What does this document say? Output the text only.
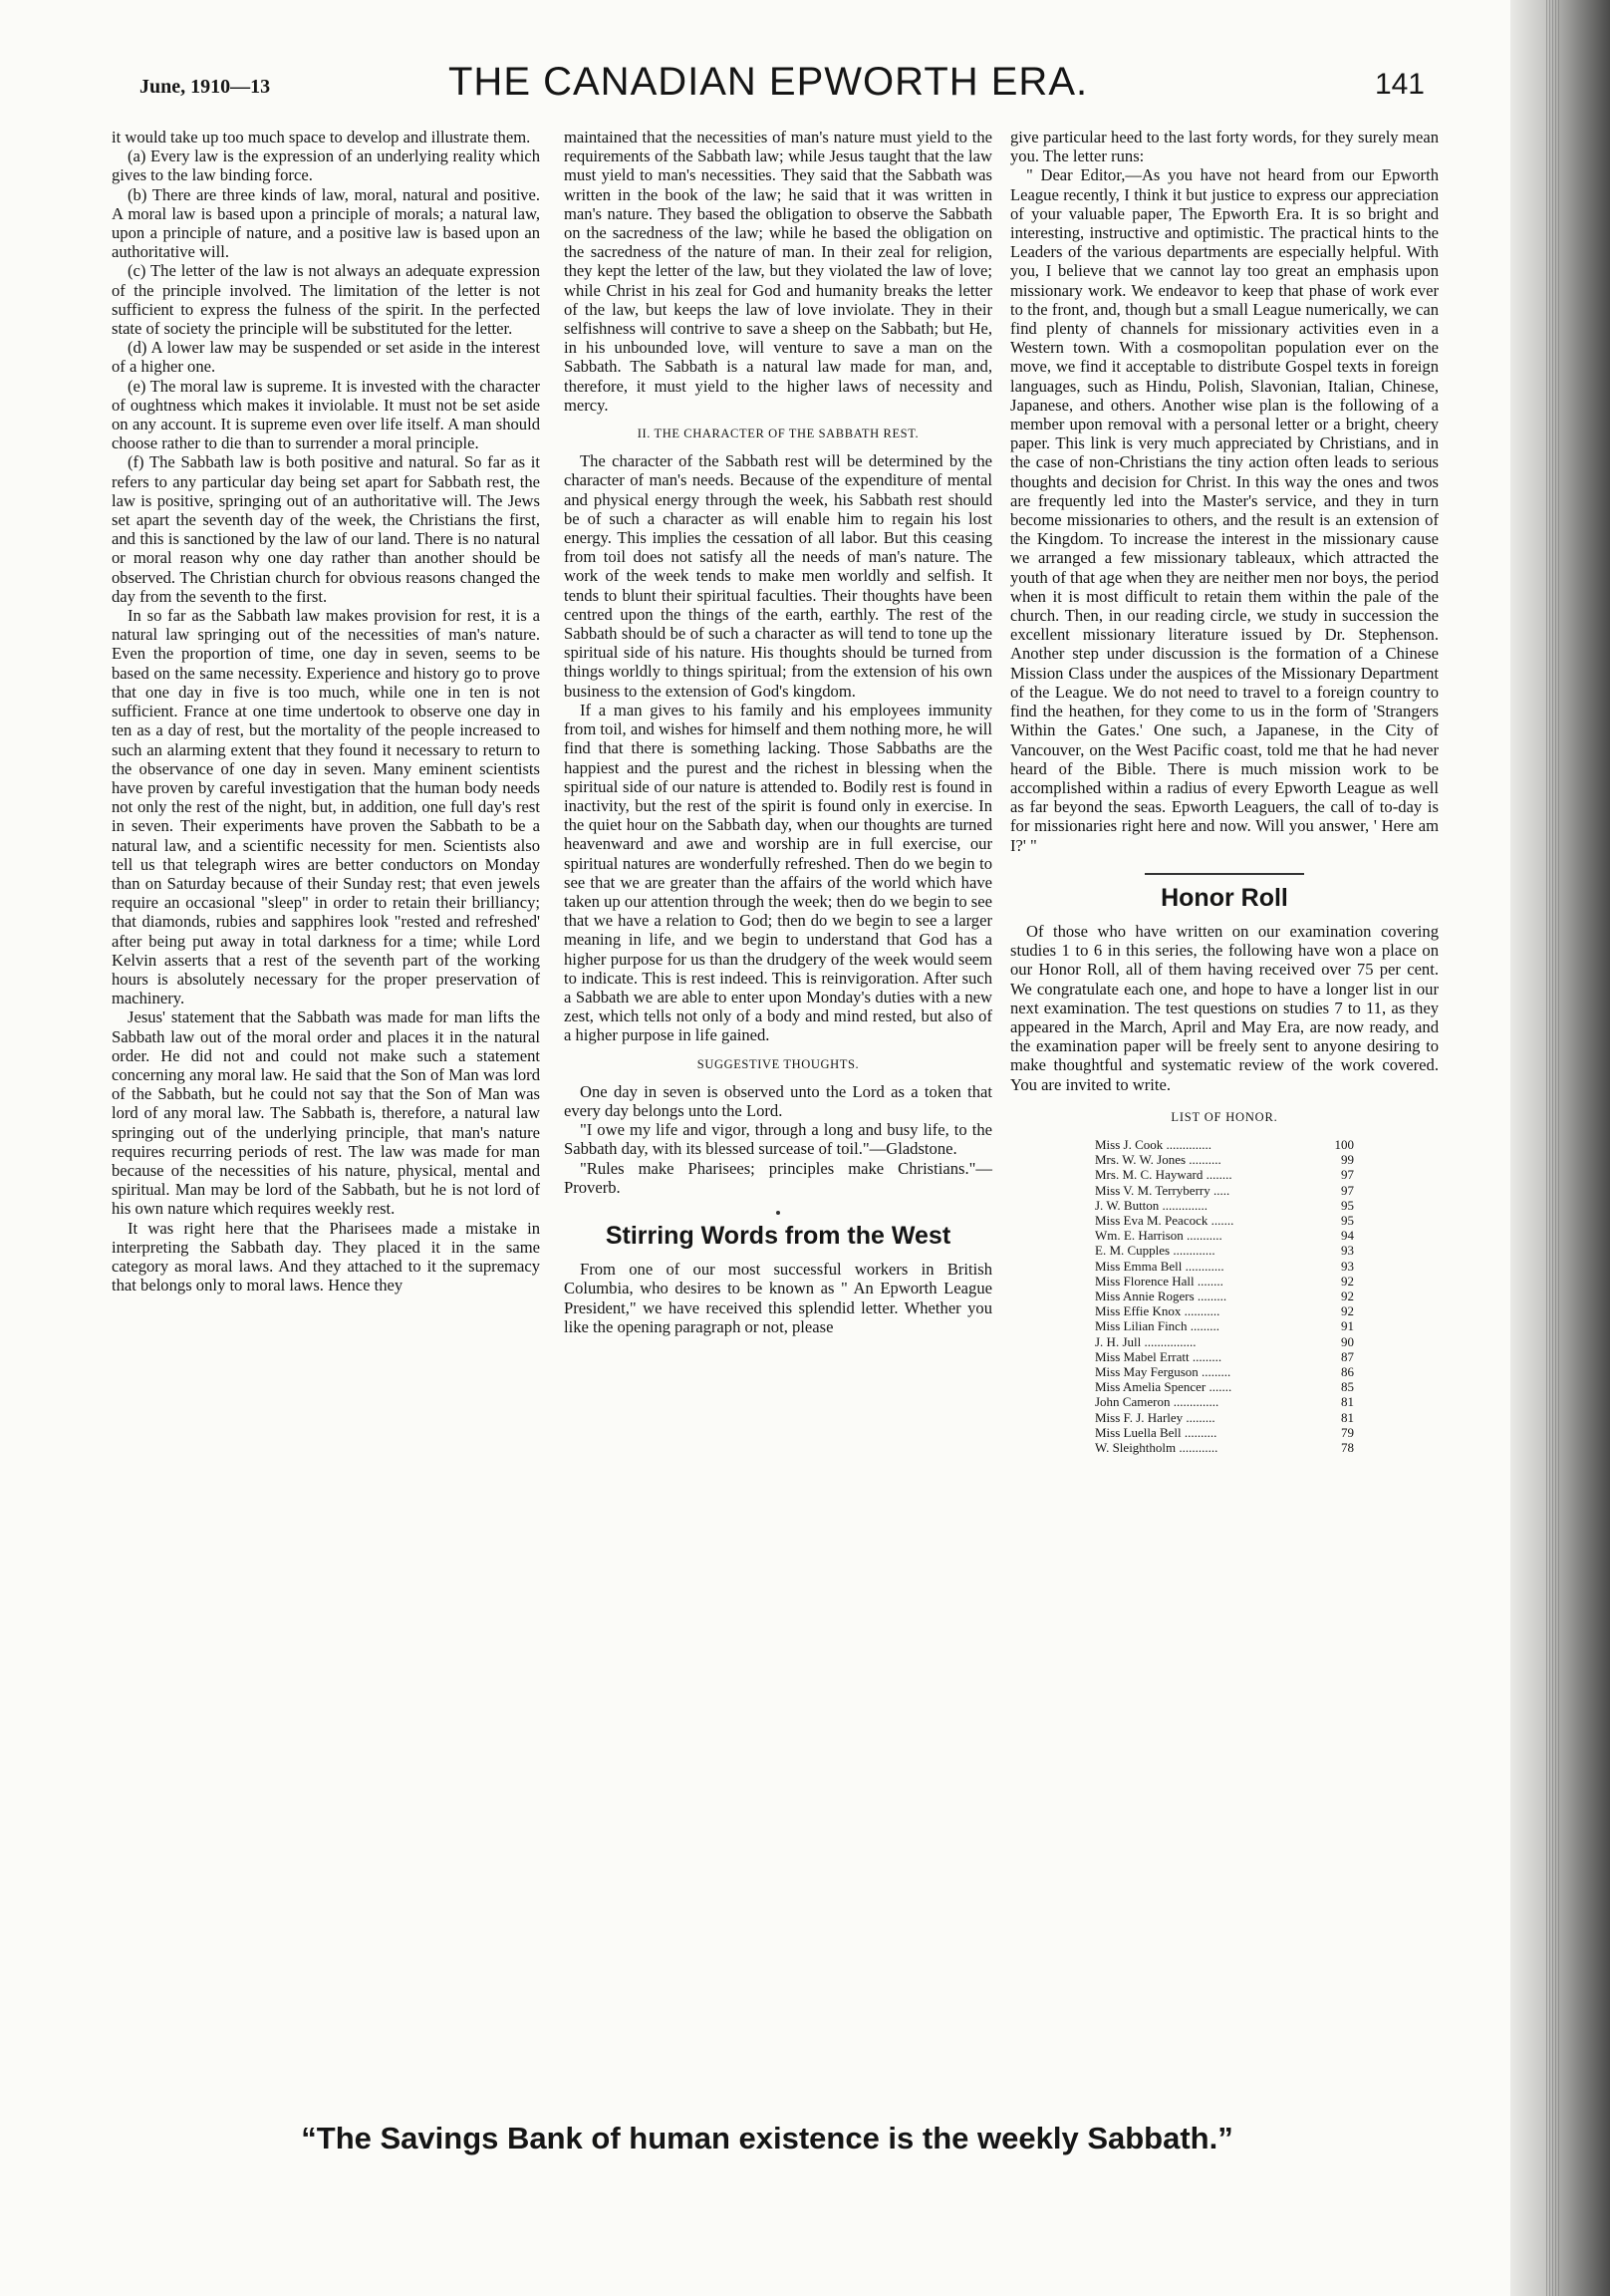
June, 1910—13	THE CANADIAN EPWORTH ERA.	141

it would take up too much space to develop and illustrate them.

(a) Every law is the expression of an underlying reality which gives to the law binding force.

(b) There are three kinds of law, moral, natural and positive. A moral law is based upon a principle of morals; a natural law, upon a principle of nature, and a positive law is based upon an authoritative will.

(c) The letter of the law is not always an adequate expression of the principle involved. The limitation of the letter is not sufficient to express the fulness of the spirit. In the perfected state of society the principle will be substituted for the letter.

(d) A lower law may be suspended or set aside in the interest of a higher one.

(e) The moral law is supreme. It is invested with the character of oughtness which makes it inviolable. It must not be set aside on any account. It is supreme even over life itself. A man should choose rather to die than to surrender a moral principle.

(f) The Sabbath law is both positive and natural. So far as it refers to any particular day being set apart for Sabbath rest, the law is positive, springing out of an authoritative will. The Jews set apart the seventh day of the week, the Christians the first, and this is sanctioned by the law of our land. There is no natural or moral reason why one day rather than another should be observed. The Christian church for obvious reasons changed the day from the seventh to the first.

In so far as the Sabbath law makes provision for rest, it is a natural law springing out of the necessities of man's nature. Even the proportion of time, one day in seven, seems to be based on the same necessity. Experience and history go to prove that one day in five is too much, while one in ten is not sufficient. France at one time undertook to observe one day in ten as a day of rest, but the mortality of the people increased to such an alarming extent that they found it necessary to return to the observance of one day in seven. Many eminent scientists have proven by careful investigation that the human body needs not only the rest of the night, but, in addition, one full day's rest in seven. Their experiments have proven the Sabbath to be a natural law, and a scientific necessity for men. Scientists also tell us that telegraph wires are better conductors on Monday than on Saturday because of their Sunday rest; that even jewels require an occasional "sleep" in order to retain their brilliancy; that diamonds, rubies and sapphires look "rested and refreshed' after being put away in total darkness for a time; while Lord Kelvin asserts that a rest of the seventh part of the working hours is absolutely necessary for the proper preservation of machinery.

Jesus' statement that the Sabbath was made for man lifts the Sabbath law out of the moral order and places it in the natural order. He did not and could not make such a statement concerning any moral law. He said that the Son of Man was lord of the Sabbath, but he could not say that the Son of Man was lord of any moral law. The Sabbath is, therefore, a natural law springing out of the underlying principle, that man's nature requires recurring periods of rest. The law was made for man because of the necessities of his nature, physical, mental and spiritual. Man may be lord of the Sabbath, but he is not lord of his own nature which requires weekly rest.

It was right here that the Pharisees made a mistake in interpreting the Sabbath day. They placed it in the same category as moral laws. And they attached to it the supremacy that belongs only to moral laws. Hence they

maintained that the necessities of man's nature must yield to the requirements of the Sabbath law; while Jesus taught that the law must yield to man's necessities. They said that the Sabbath was written in the book of the law; he said that it was written in man's nature. They based the obligation to observe the Sabbath on the sacredness of the law; while he based the obligation on the sacredness of the nature of man. In their zeal for religion, they kept the letter of the law, but they violated the law of love; while Christ in his zeal for God and humanity breaks the letter of the law, but keeps the law of love inviolate. They in their selfishness will contrive to save a sheep on the Sabbath; but He, in his unbounded love, will venture to save a man on the Sabbath. The Sabbath is a natural law made for man, and, therefore, it must yield to the higher laws of necessity and mercy.

II. THE CHARACTER OF THE SABBATH REST.

The character of the Sabbath rest will be determined by the character of man's needs. Because of the expenditure of mental and physical energy through the week, his Sabbath rest should be of such a character as will enable him to regain his lost energy. This implies the cessation of all labor. But this ceasing from toil does not satisfy all the needs of man's nature. The work of the week tends to make men worldly and selfish. It tends to blunt their spiritual faculties. Their thoughts have been centred upon the things of the earth, earthly. The rest of the Sabbath should be of such a character as will tend to tone up the spiritual side of his nature. His thoughts should be turned from things worldly to things spiritual; from the extension of his own business to the extension of God's kingdom.

If a man gives to his family and his employees immunity from toil, and wishes for himself and them nothing more, he will find that there is something lacking. Those Sabbaths are the happiest and the purest and the richest in blessing when the spiritual side of our nature is attended to. Bodily rest is found in inactivity, but the rest of the spirit is found only in exercise. In the quiet hour on the Sabbath day, when our thoughts are turned heavenward and awe and worship are in full exercise, our spiritual natures are wonderfully refreshed. Then do we begin to see that we are greater than the affairs of the world which have taken up our attention through the week; then do we begin to see that we have a relation to God; then do we begin to see a larger meaning in life, and we begin to understand that God has a higher purpose for us than the drudgery of the week would seem to indicate. This is rest indeed. This is reinvigoration. After such a Sabbath we are able to enter upon Monday's duties with a new zest, which tells not only of a body and mind rested, but also of a higher purpose in life gained.

SUGGESTIVE THOUGHTS.

One day in seven is observed unto the Lord as a token that every day belongs unto the Lord.

"I owe my life and vigor, through a long and busy life, to the Sabbath day, with its blessed surcease of toil."—Gladstone.

"Rules make Pharisees; principles make Christians."—Proverb.

Stirring Words from the West

From one of our most successful workers in British Columbia, who desires to be known as " An Epworth League President," we have received this splendid letter. Whether you like the opening paragraph or not, please

give particular heed to the last forty words, for they surely mean you. The letter runs:

" Dear Editor,—As you have not heard from our Epworth League recently, I think it but justice to express our appreciation of your valuable paper, The Epworth Era. It is so bright and interesting, instructive and optimistic. The practical hints to the Leaders of the various departments are especially helpful. With you, I believe that we cannot lay too great an emphasis upon missionary work. We endeavor to keep that phase of work ever to the front, and, though but a small League numerically, we can find plenty of channels for missionary activities even in a Western town. With a cosmopolitan population ever on the move, we find it acceptable to distribute Gospel texts in foreign languages, such as Hindu, Polish, Slavonian, Italian, Chinese, Japanese, and others. Another wise plan is the following of a member upon removal with a personal letter or a bright, cheery paper. This link is very much appreciated by Christians, and in the case of non-Christians the tiny action often leads to serious thoughts and decision for Christ. In this way the ones and twos are frequently led into the Master's service, and they in turn become missionaries to others, and the result is an extension of the Kingdom. To increase the interest in the missionary cause we arranged a few missionary tableaux, which attracted the youth of that age when they are neither men nor boys, the period when it is most difficult to retain them within the pale of the church. Then, in our reading circle, we study in succession the excellent missionary literature issued by Dr. Stephenson. Another step under discussion is the formation of a Chinese Mission Class under the auspices of the Missionary Department of the League. We do not need to travel to a foreign country to find the heathen, for they come to us in the form of 'Strangers Within the Gates.' One such, a Japanese, in the City of Vancouver, on the West Pacific coast, told me that he had never heard of the Bible. There is much mission work to be accomplished within a radius of every Epworth League as well as far beyond the seas. Epworth Leaguers, the call of to-day is for missionaries right here and now. Will you answer, ' Here am I?' "

Honor Roll

Of those who have written on our examination covering studies 1 to 6 in this series, the following have won a place on our Honor Roll, all of them having received over 75 per cent. We congratulate each one, and hope to have a longer list in our next examination. The test questions on studies 7 to 11, as they appeared in the March, April and May Era, are now ready, and the examination paper will be freely sent to anyone desiring to make thoughtful and systematic review of the work covered. You are invited to write.

LIST OF HONOR.
Miss J. Cook ..............	100
Mrs. W. W. Jones ..........	99
Mrs. M. C. Hayward ........	97
Miss V. M. Terryberry .....	97
J. W. Button ..............	95
Miss Eva M. Peacock .......	95
Wm. E. Harrison ...........	94
E. M. Cupples .............	93
Miss Emma Bell ............	93
Miss Florence Hall ........	92
Miss Annie Rogers .........	92
Miss Effie Knox ...........	92
Miss Lilian Finch .........	91
J. H. Jull ................	90
Miss Mabel Erratt .........	87
Miss May Ferguson .........	86
Miss Amelia Spencer .......	85
John Cameron ..............	81
Miss F. J. Harley .........	81
Miss Luella Bell ..........	79
W. Sleightholm ............	78
“The Savings Bank of human existence is the weekly Sabbath.”
